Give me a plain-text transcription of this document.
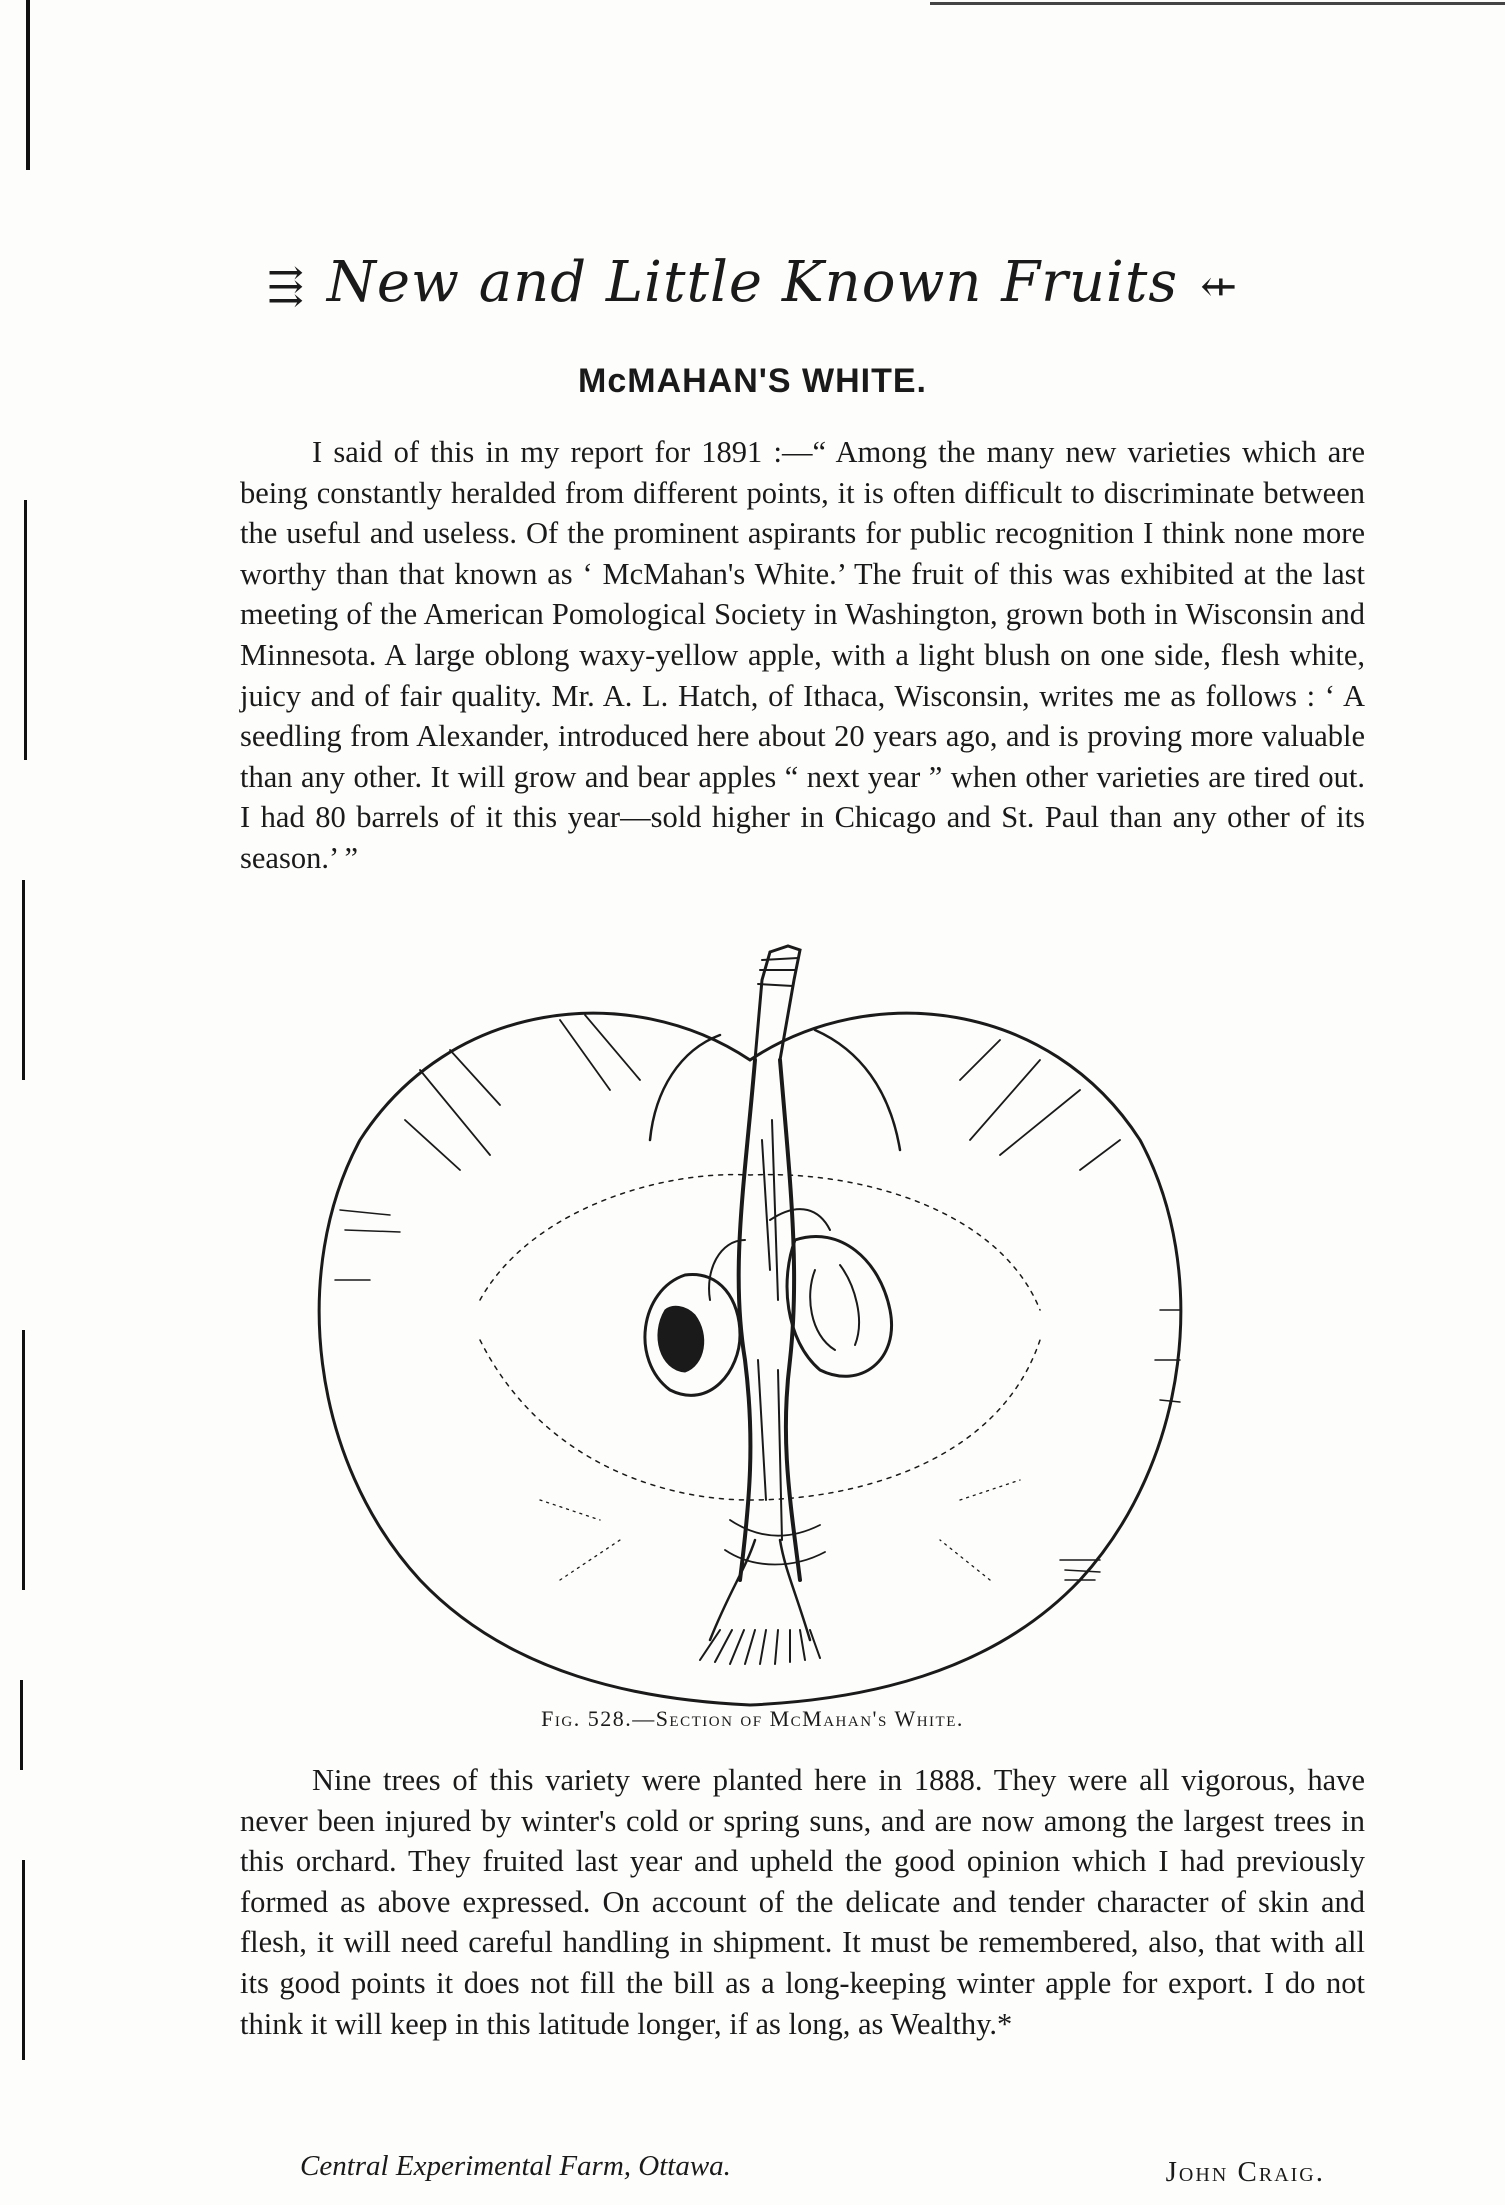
⇶ New and Little Known Fruits ⇷
McMAHAN'S WHITE.

I said of this in my report for 1891 :—“ Among the many new varieties which are being constantly heralded from different points, it is often difficult to discriminate between the useful and useless. Of the prominent aspirants for public recognition I think none more worthy than that known as ‘ McMahan's White.’ The fruit of this was exhibited at the last meeting of the American Pomological Society in Washington, grown both in Wisconsin and Minnesota. A large oblong waxy-yellow apple, with a light blush on one side, flesh white, juicy and of fair quality. Mr. A. L. Hatch, of Ithaca, Wisconsin, writes me as follows : ‘ A seedling from Alexander, introduced here about 20 years ago, and is proving more valuable than any other. It will grow and bear apples “ next year ” when other varieties are tired out. I had 80 barrels of it this year—sold higher in Chicago and St. Paul than any other of its season.’ ”

Fig. 528.—Section of McMahan's White.

Nine trees of this variety were planted here in 1888. They were all vigorous, have never been injured by winter's cold or spring suns, and are now among the largest trees in this orchard. They fruited last year and upheld the good opinion which I had previously formed as above expressed. On account of the delicate and tender character of skin and flesh, it will need careful handling in shipment. It must be remembered, also, that with all its good points it does not fill the bill as a long-keeping winter apple for export. I do not think it will keep in this latitude longer, if as long, as Wealthy.*

Central Experimental Farm, Ottawa.	John Craig.
